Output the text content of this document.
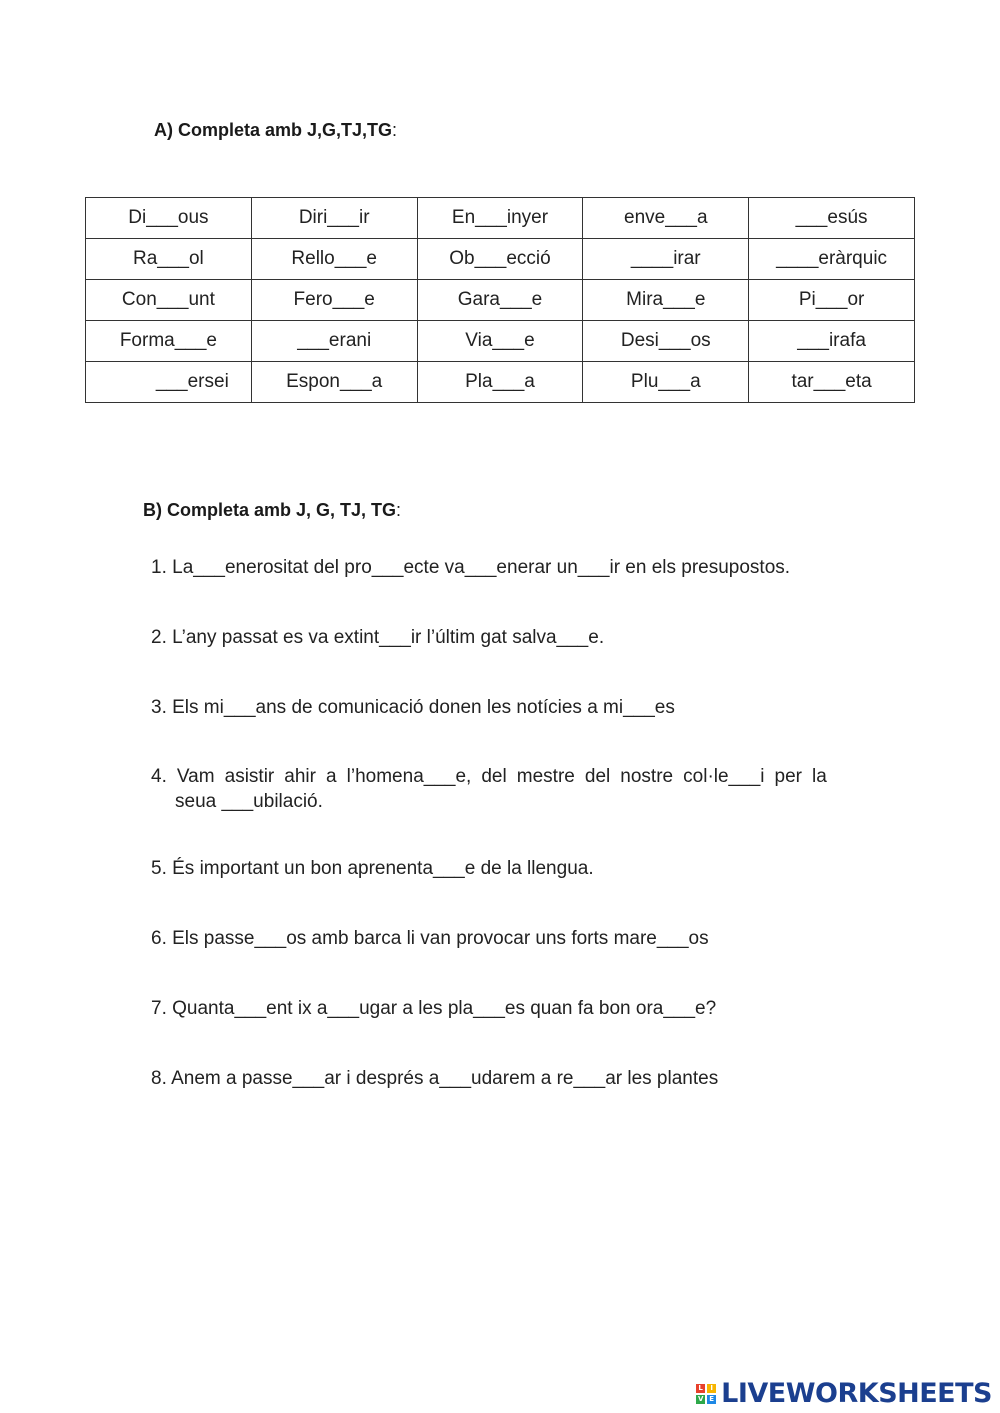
A) Completa amb J,G,TJ,TG:
Di___ous	Diri___ir	En___inyer	enve___a	___esús
Ra___ol	Rello___e	Ob___ecció	____irar	____eràrquic
Con___unt	Fero___e	Gara___e	Mira___e	Pi___or
Forma___e	___erani	Via___e	Desi___os	___irafa
___ersei	Espon___a	Pla___a	Plu___a	tar___eta
B) Completa amb J, G, TJ, TG:
1. La___enerositat del pro___ecte va___enerar un___ir en els presupostos.
2. L’any passat es va extint___ir l’últim gat salva___e.
3. Els mi___ans de comunicació donen les notícies a mi___es
4. Vam asistir ahir a l’homena___e, del mestre del nostre col·le___i per la
seua ___ubilació.
5. És important un bon aprenenta___e de la llengua.
6. Els passe___os amb barca li van provocar uns forts mare___os
7. Quanta___ent ix a___ugar a les pla___es quan fa bon ora___e?
8. Anem a passe___ar i després a___udarem a re___ar les plantes
L	I
V E LIVEWORKSHEETS
